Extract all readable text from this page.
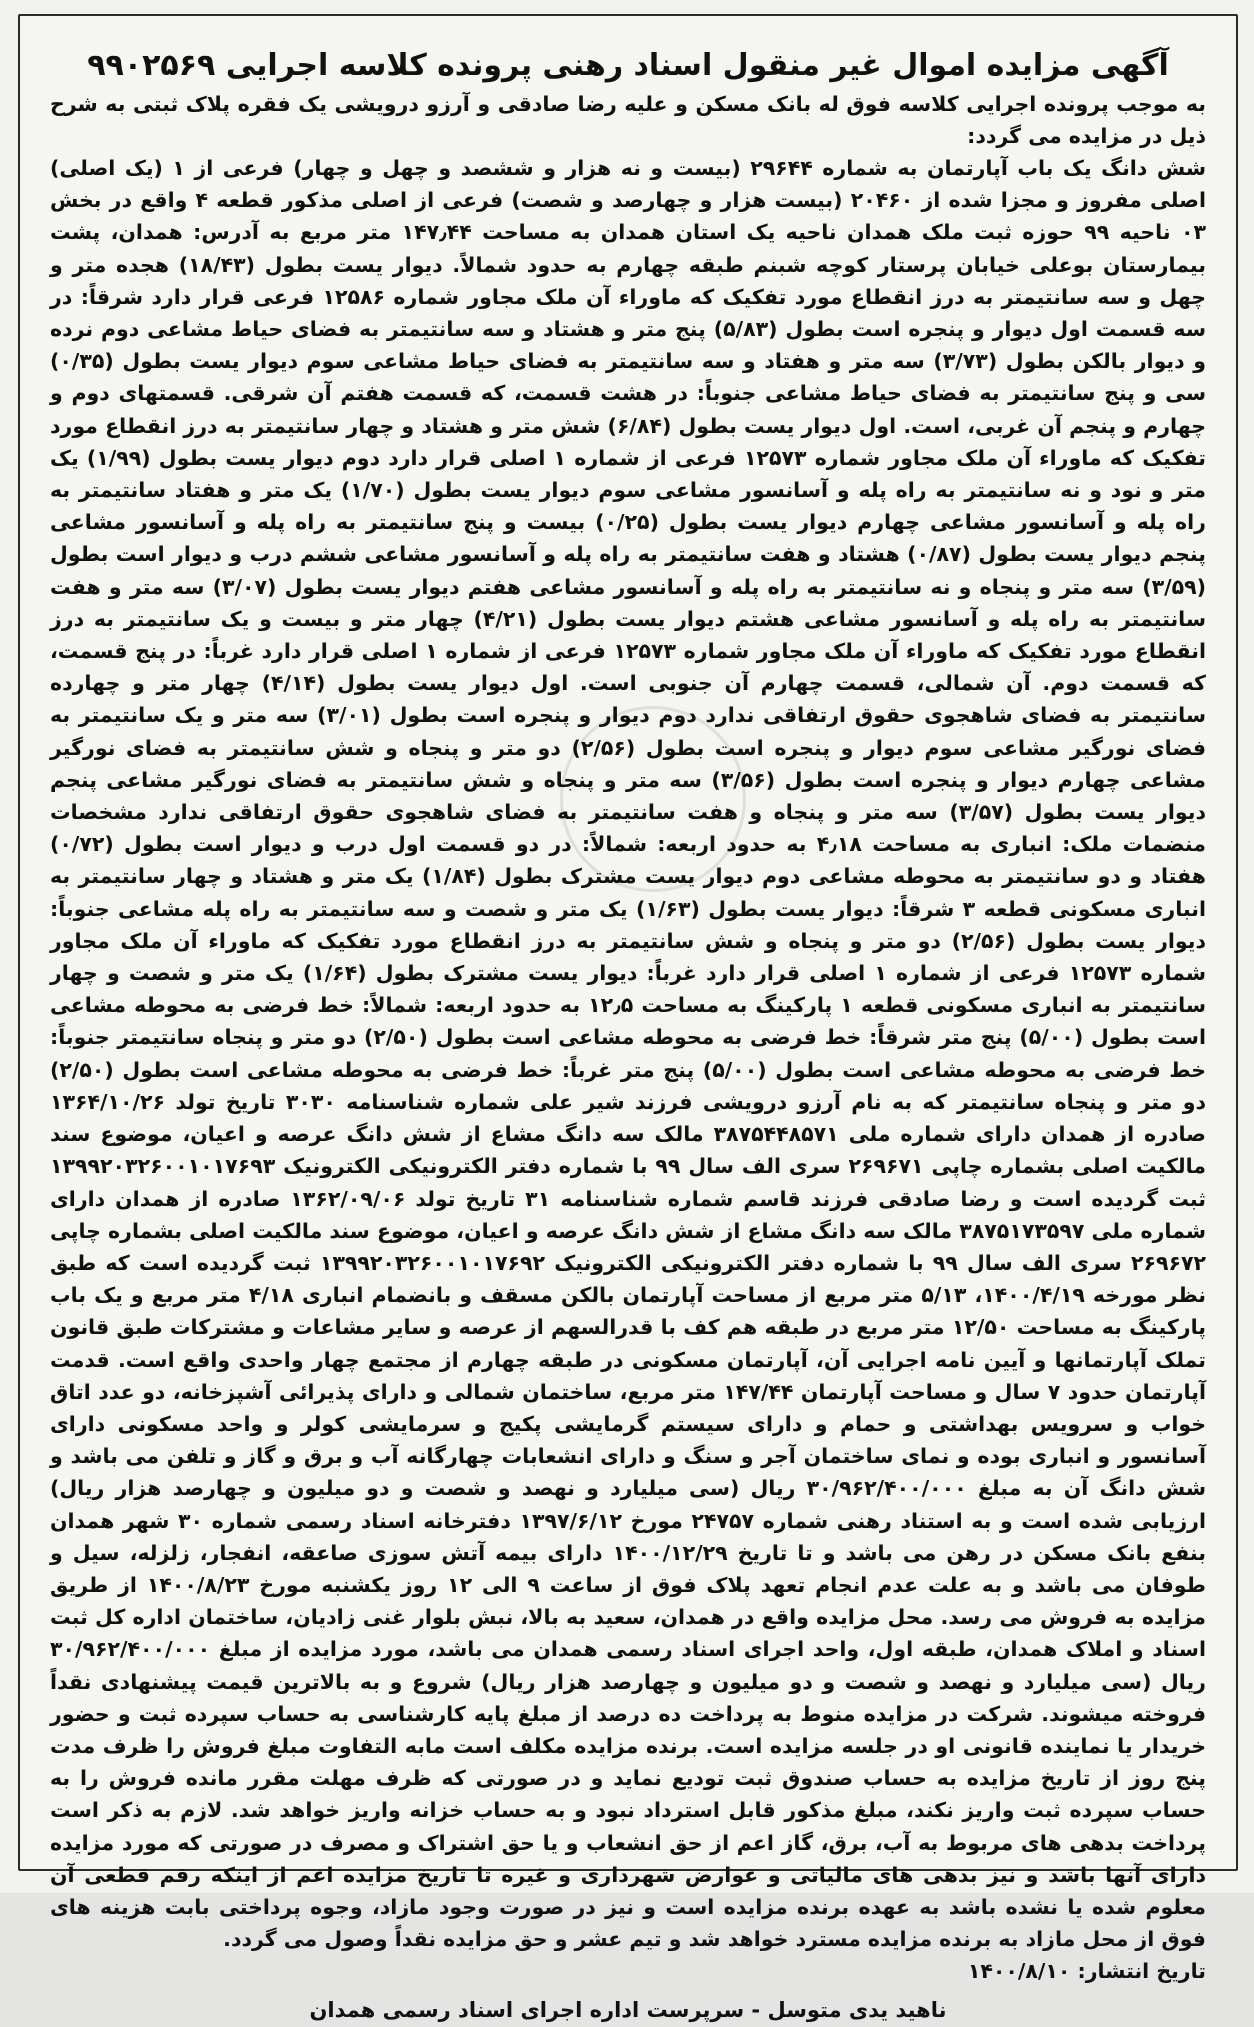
آگهی مزایده اموال غیر منقول اسناد رهنی پرونده کلاسه اجرایی ۹۹۰۲۵۶۹

به موجب پرونده اجرایی کلاسه فوق له بانک مسکن و علیه رضا صادقی و آرزو درویشی یک فقره پلاک ثبتی به شرح ذیل در مزایده می گردد:

شش دانگ یک باب آپارتمان به شماره ۲۹۶۴۴ (بیست و نه هزار و ششصد و چهل و چهار) فرعی از ۱ (یک اصلی) اصلی مفروز و مجزا شده از ۲۰۴۶۰ (بیست هزار و چهارصد و شصت) فرعی از اصلی مذکور قطعه ۴ واقع در بخش ۰۳ ناحیه ۹۹ حوزه ثبت ملک همدان ناحیه یک استان همدان به مساحت ۱۴۷٫۴۴ متر مربع به آدرس: همدان، پشت بیمارستان بوعلی خیابان پرستار کوچه شبنم طبقه چهارم به حدود شمالاً. دیوار یست بطول (۱۸/۴۳) هجده متر و چهل و سه سانتیمتر به درز انقطاع مورد تفکیک که ماوراء آن ملک مجاور شماره ۱۲۵۸۶ فرعی قرار دارد شرقاً: در سه قسمت اول دیوار و پنجره است بطول (۵/۸۳) پنج متر و هشتاد و سه سانتیمتر به فضای حیاط مشاعی دوم نرده و دیوار بالکن بطول (۳/۷۳) سه متر و هفتاد و سه سانتیمتر به فضای حیاط مشاعی سوم دیوار یست بطول (۰/۳۵) سی و پنج سانتیمتر به فضای حیاط مشاعی جنوباً: در هشت قسمت، که قسمت هفتم آن شرقی. قسمتهای دوم و چهارم و پنجم آن غربی، است. اول دیوار یست بطول (۶/۸۴) شش متر و هشتاد و چهار سانتیمتر به درز انقطاع مورد تفکیک که ماوراء آن ملک مجاور شماره ۱۲۵۷۳ فرعی از شماره ۱ اصلی قرار دارد دوم دیوار یست بطول (۱/۹۹) یک متر و نود و نه سانتیمتر به راه پله و آسانسور مشاعی سوم دیوار یست بطول (۱/۷۰) یک متر و هفتاد سانتیمتر به راه پله و آسانسور مشاعی چهارم دیوار یست بطول (۰/۲۵) بیست و پنج سانتیمتر به راه پله و آسانسور مشاعی پنجم دیوار یست بطول (۰/۸۷) هشتاد و هفت سانتیمتر به راه پله و آسانسور مشاعی ششم درب و دیوار است بطول (۳/۵۹) سه متر و پنجاه و نه سانتیمتر به راه پله و آسانسور مشاعی هفتم دیوار یست بطول (۳/۰۷) سه متر و هفت سانتیمتر به راه پله و آسانسور مشاعی هشتم دیوار یست بطول (۴/۲۱) چهار متر و بیست و یک سانتیمتر به درز انقطاع مورد تفکیک که ماوراء آن ملک مجاور شماره ۱۲۵۷۳ فرعی از شماره ۱ اصلی قرار دارد غرباً: در پنج قسمت، که قسمت دوم. آن شمالی، قسمت چهارم آن جنوبی است. اول دیوار یست بطول (۴/۱۴) چهار متر و چهارده سانتیمتر به فضای شاهجوی حقوق ارتفاقی ندارد دوم دیوار و پنجره است بطول (۳/۰۱) سه متر و یک سانتیمتر به فضای نورگیر مشاعی سوم دیوار و پنجره است بطول (۲/۵۶) دو متر و پنجاه و شش سانتیمتر به فضای نورگیر مشاعی چهارم دیوار و پنجره است بطول (۳/۵۶) سه متر و پنجاه و شش سانتیمتر به فضای نورگیر مشاعی پنجم دیوار یست بطول (۳/۵۷) سه متر و پنجاه و هفت سانتیمتر به فضای شاهجوی حقوق ارتفاقی ندارد مشخصات منضمات ملک: انباری به مساحت ۴٫۱۸ به حدود اربعه: شمالاً: در دو قسمت اول درب و دیوار است بطول (۰/۷۲) هفتاد و دو سانتیمتر به محوطه مشاعی دوم دیوار یست مشترک بطول (۱/۸۴) یک متر و هشتاد و چهار سانتیمتر به انباری مسکونی قطعه ۳ شرقاً: دیوار یست بطول (۱/۶۳) یک متر و شصت و سه سانتیمتر به راه پله مشاعی جنوباً: دیوار یست بطول (۲/۵۶) دو متر و پنجاه و شش سانتیمتر به درز انقطاع مورد تفکیک که ماوراء آن ملک مجاور شماره ۱۲۵۷۳ فرعی از شماره ۱ اصلی قرار دارد غرباً: دیوار یست مشترک بطول (۱/۶۴) یک متر و شصت و چهار سانتیمتر به انباری مسکونی قطعه ۱ پارکینگ به مساحت ۱۲٫۵ به حدود اربعه: شمالاً: خط فرضی به محوطه مشاعی است بطول (۵/۰۰) پنج متر شرقاً: خط فرضی به محوطه مشاعی است بطول (۲/۵۰) دو متر و پنجاه سانتیمتر جنوباً: خط فرضی به محوطه مشاعی است بطول (۵/۰۰) پنج متر غرباً: خط فرضی به محوطه مشاعی است بطول (۲/۵۰) دو متر و پنجاه سانتیمتر که به نام آرزو درویشی فرزند شیر علی شماره شناسنامه ۳۰۳۰ تاریخ تولد ۱۳۶۴/۱۰/۲۶ صادره از همدان دارای شماره ملی ۳۸۷۵۴۴۸۵۷۱ مالک سه دانگ مشاع از شش دانگ عرصه و اعیان، موضوع سند مالکیت اصلی بشماره چاپی ۲۶۹۶۷۱ سری الف سال ۹۹ با شماره دفتر الکترونیکی الکترونیک ۱۳۹۹۲۰۳۲۶۰۰۱۰۱۷۶۹۳ ثبت گردیده است و رضا صادقی فرزند قاسم شماره شناسنامه ۳۱ تاریخ تولد ۱۳۶۲/۰۹/۰۶ صادره از همدان دارای شماره ملی ۳۸۷۵۱۷۳۵۹۷ مالک سه دانگ مشاع از شش دانگ عرصه و اعیان، موضوع سند مالکیت اصلی بشماره چاپی ۲۶۹۶۷۲ سری الف سال ۹۹ با شماره دفتر الکترونیکی الکترونیک ۱۳۹۹۲۰۳۲۶۰۰۱۰۱۷۶۹۲ ثبت گردیده است که طبق نظر مورخه ۱۴۰۰/۴/۱۹، ۵/۱۳ متر مربع از مساحت آپارتمان بالکن مسقف و بانضمام انباری ۴/۱۸ متر مربع و یک باب پارکینگ به مساحت ۱۲/۵۰ متر مربع در طبقه هم کف با قدرالسهم از عرصه و سایر مشاعات و مشترکات طبق قانون تملک آپارتمانها و آیین نامه اجرایی آن، آپارتمان مسکونی در طبقه چهارم از مجتمع چهار واحدی واقع است. قدمت آپارتمان حدود ۷ سال و مساحت آپارتمان ۱۴۷/۴۴ متر مربع، ساختمان شمالی و دارای پذیرائی آشپزخانه، دو عدد اتاق خواب و سرویس بهداشتی و حمام و دارای سیستم گرمایشی پکیج و سرمایشی کولر و واحد مسکونی دارای آسانسور و انباری بوده و نمای ساختمان آجر و سنگ و دارای انشعابات چهارگانه آب و برق و گاز و تلفن می باشد و شش دانگ آن به مبلغ ۳۰/۹۶۲/۴۰۰/۰۰۰ ریال (سی میلیارد و نهصد و شصت و دو میلیون و چهارصد هزار ریال) ارزیابی شده است و به استناد رهنی شماره ۲۴۷۵۷ مورخ ۱۳۹۷/۶/۱۲ دفترخانه اسناد رسمی شماره ۳۰ شهر همدان بنفع بانک مسکن در رهن می باشد و تا تاریخ ۱۴۰۰/۱۲/۲۹ دارای بیمه آتش سوزی صاعقه، انفجار، زلزله، سیل و طوفان می باشد و به علت عدم انجام تعهد پلاک فوق از ساعت ۹ الی ۱۲ روز یکشنبه مورخ ۱۴۰۰/۸/۲۳ از طریق مزایده به فروش می رسد. محل مزایده واقع در همدان، سعید به بالا، نبش بلوار غنی زادیان، ساختمان اداره کل ثبت اسناد و املاک همدان، طبقه اول، واحد اجرای اسناد رسمی همدان می باشد، مورد مزایده از مبلغ ۳۰/۹۶۲/۴۰۰/۰۰۰ ریال (سی میلیارد و نهصد و شصت و دو میلیون و چهارصد هزار ریال) شروع و به بالاترین قیمت پیشنهادی نقداً فروخته میشوند. شرکت در مزایده منوط به پرداخت ده درصد از مبلغ پایه کارشناسی به حساب سپرده ثبت و حضور خریدار یا نماینده قانونی او در جلسه مزایده است. برنده مزایده مکلف است مابه التفاوت مبلغ فروش را ظرف مدت پنج روز از تاریخ مزایده به حساب صندوق ثبت تودیع نماید و در صورتی که ظرف مهلت مقرر مانده فروش را به حساب سپرده ثبت واریز نکند، مبلغ مذکور قابل استرداد نبود و به حساب خزانه واریز خواهد شد. لازم به ذکر است پرداخت بدهی های مربوط به آب، برق، گاز اعم از حق انشعاب و یا حق اشتراک و مصرف در صورتی که مورد مزایده دارای آنها باشد و نیز بدهی های مالیاتی و عوارض شهرداری و غیره تا تاریخ مزایده اعم از اینکه رقم قطعی آن معلوم شده یا نشده باشد به عهده برنده مزایده است و نیز در صورت وجود مازاد، وجوه پرداختی بابت هزینه های فوق از محل مازاد به برنده مزایده مسترد خواهد شد و تیم عشر و حق مزایده نقداً وصول می گردد.

تاریخ انتشار: ۱۴۰۰/۸/۱۰

ناهید یدی متوسل - سرپرست اداره اجرای اسناد رسمی همدان
